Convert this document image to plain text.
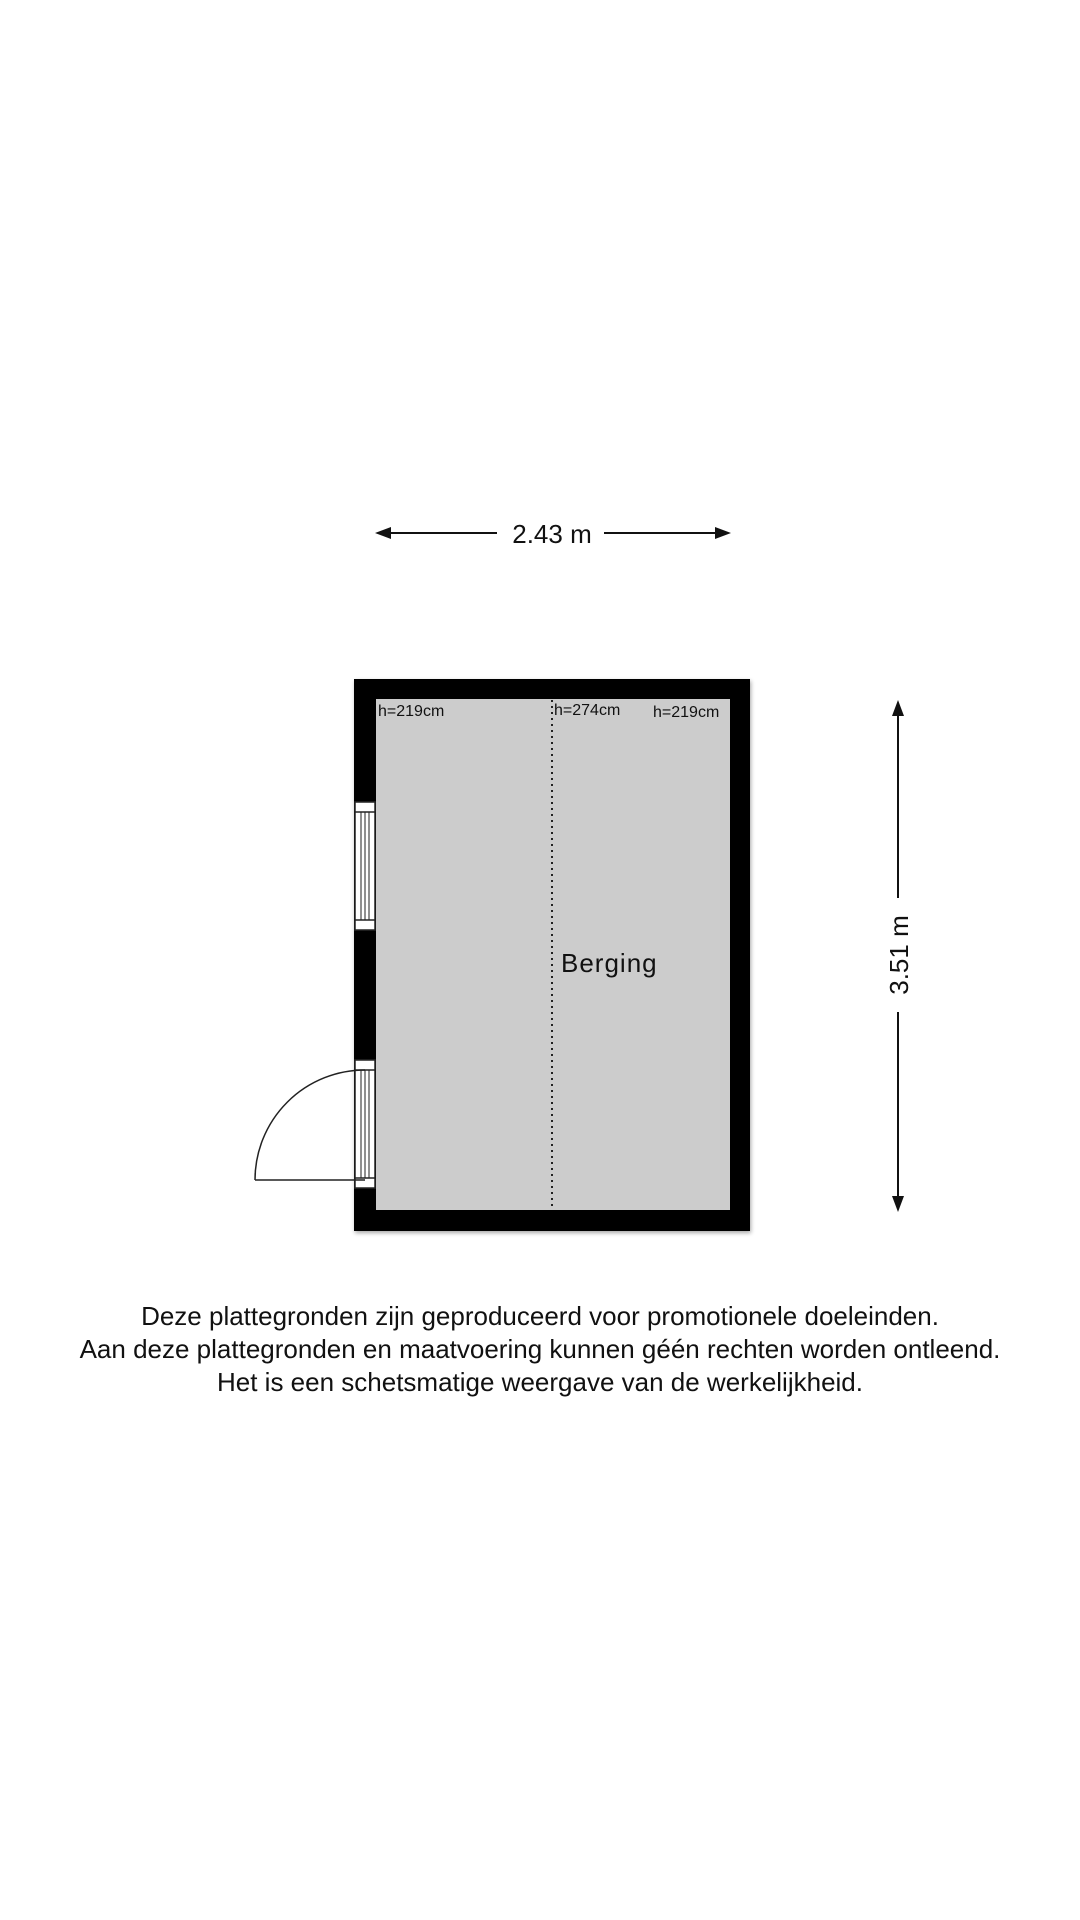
2.43 m
3.51 m
h=219cm	h=274cm h=219cm
Berging
Deze plattegronden zijn geproduceerd voor promotionele doeleinden.
Aan deze plattegronden en maatvoering kunnen géén rechten worden ontleend.
Het is een schetsmatige weergave van de werkelijkheid.
